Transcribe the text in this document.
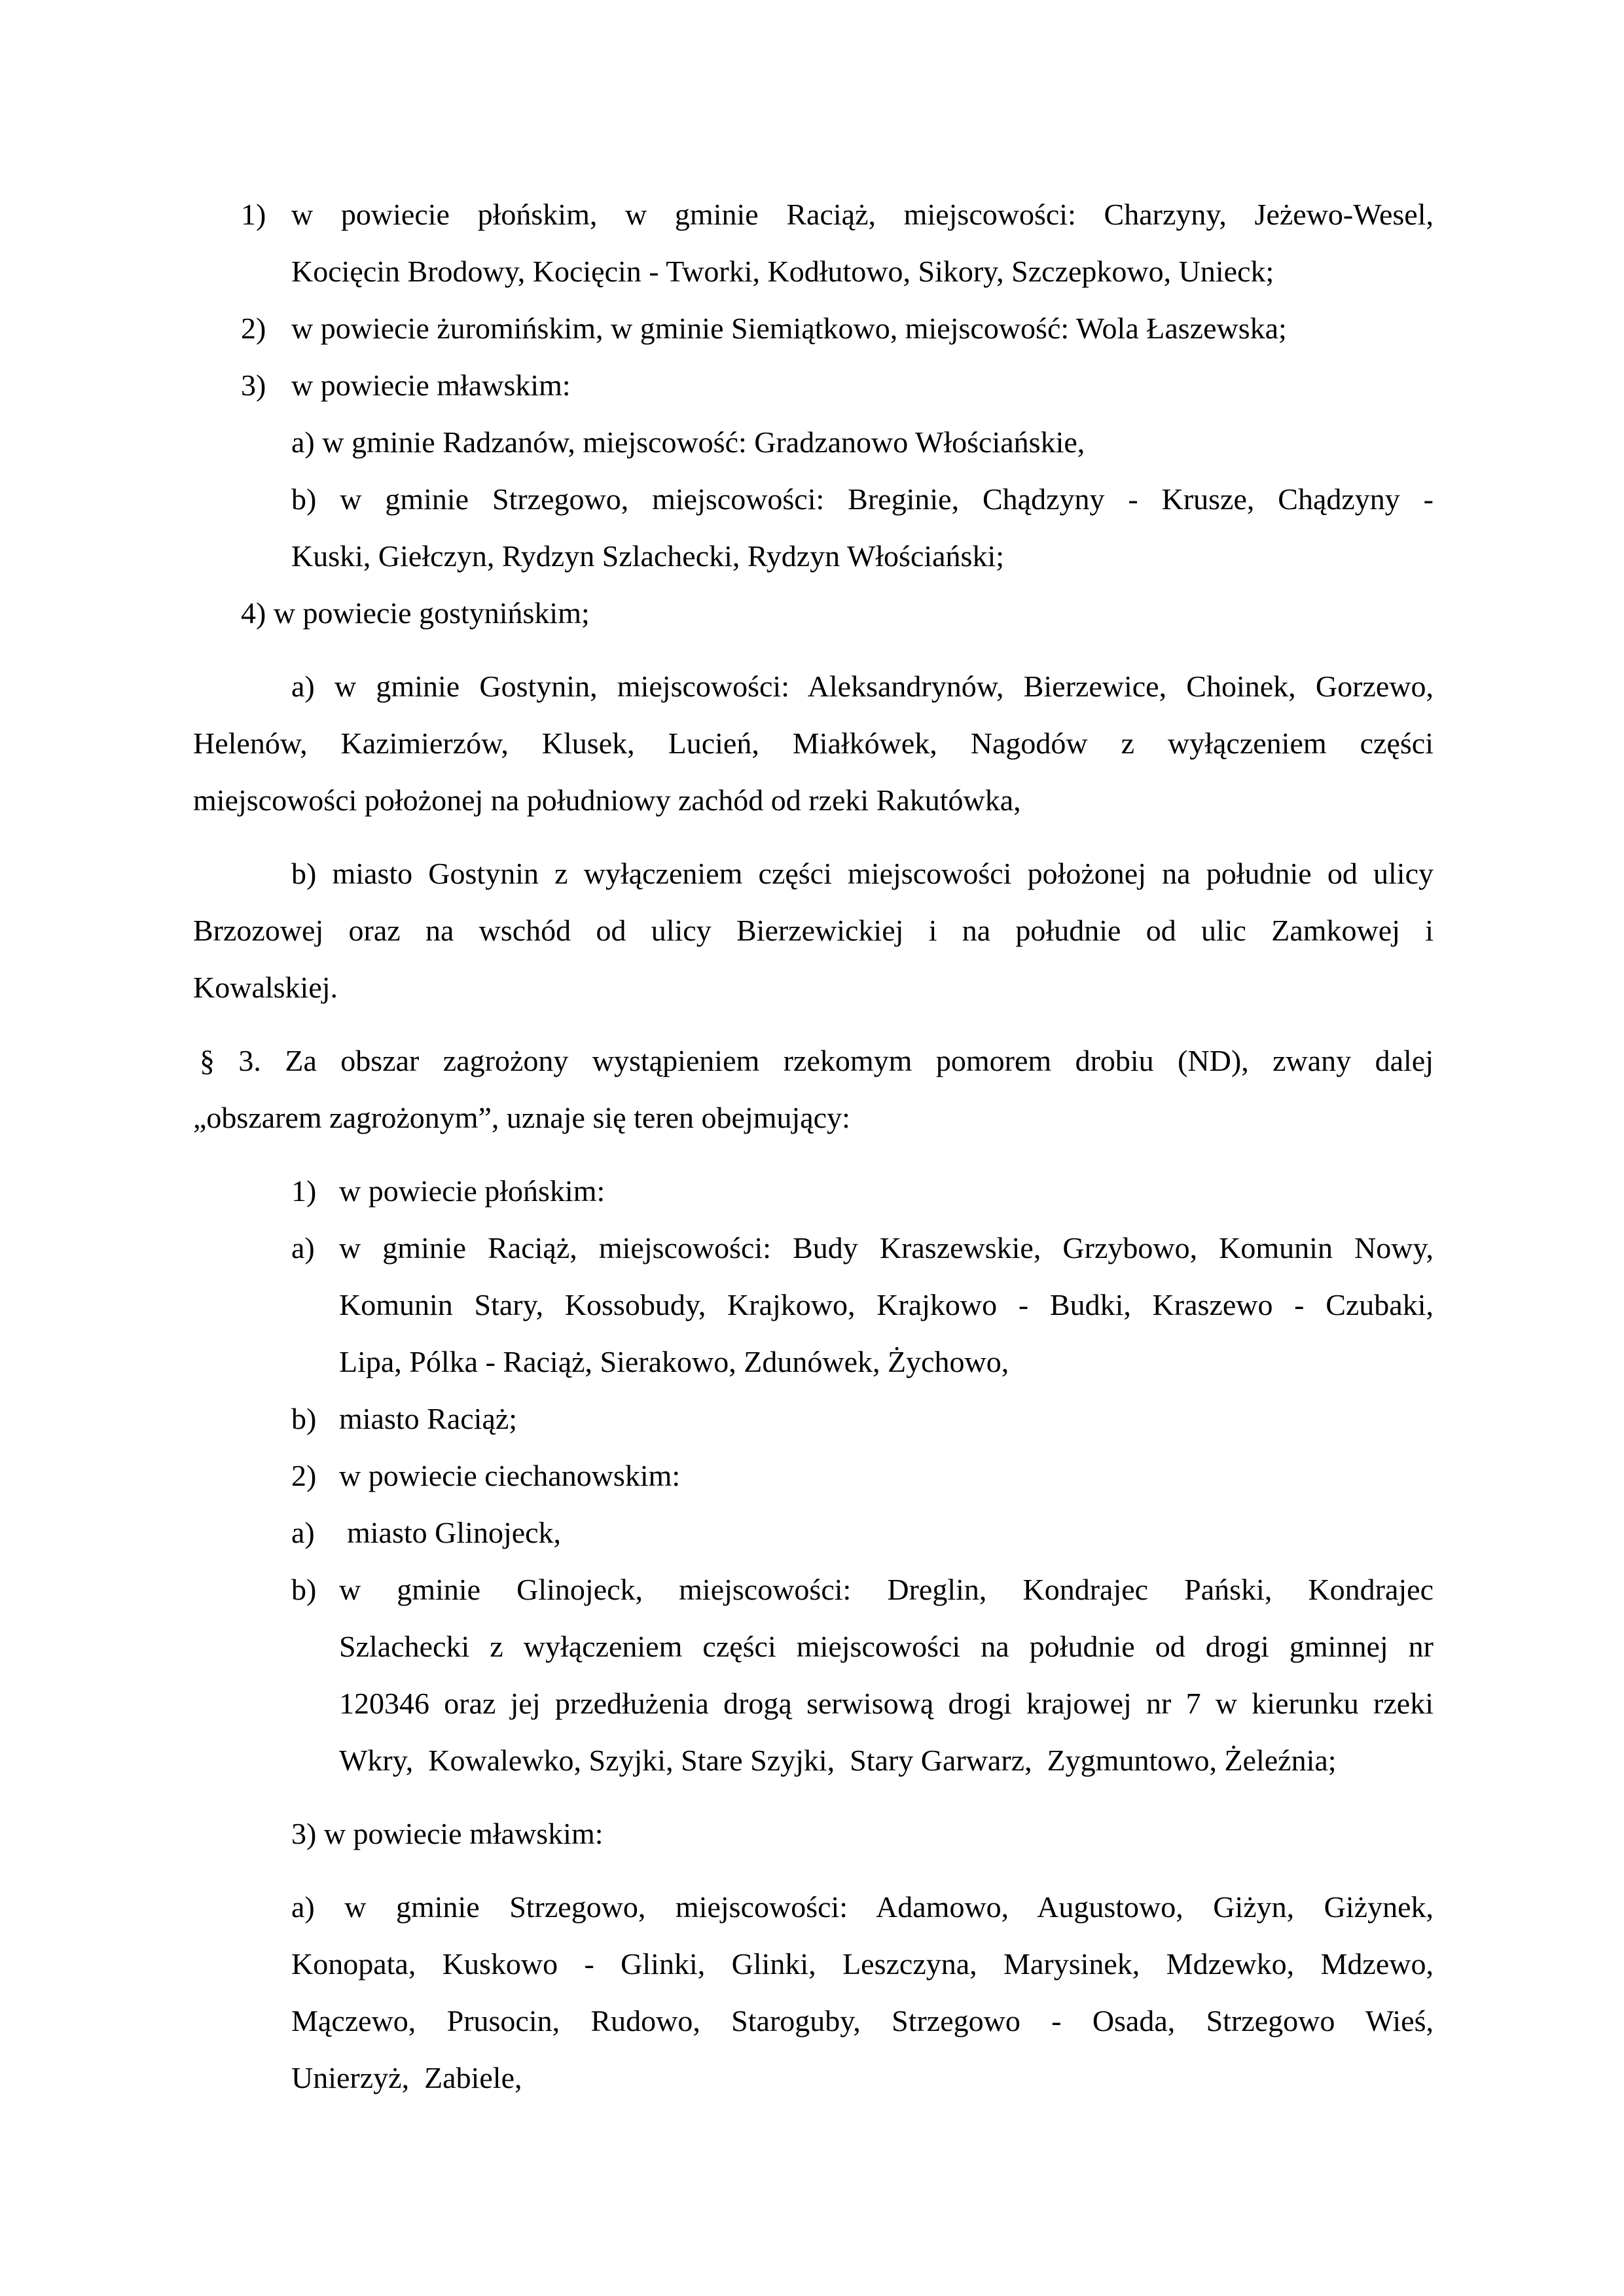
1) w powiecie płońskim, w gminie Raciąż, miejscowości: Charzyny, Jeżewo-Wesel,
Kocięcin Brodowy, Kocięcin - Tworki, Kodłutowo, Sikory, Szczepkowo, Unieck;
2) w powiecie żuromińskim, w gminie Siemiątkowo, miejscowość: Wola Łaszewska;
3) w powiecie mławskim:
a) w gminie Radzanów, miejscowość: Gradzanowo Włościańskie,
b) w gminie Strzegowo, miejscowości: Breginie, Chądzyny - Krusze, Chądzyny -
Kuski, Giełczyn, Rydzyn Szlachecki, Rydzyn Włościański;
4) w powiecie gostynińskim;
a) w gminie Gostynin, miejscowości: Aleksandrynów, Bierzewice, Choinek, Gorzewo,
Helenów, Kazimierzów, Klusek, Lucień, Miałkówek, Nagodów z wyłączeniem części
miejscowości położonej na południowy zachód od rzeki Rakutówka,
b) miasto Gostynin z wyłączeniem części miejscowości położonej na południe od ulicy
Brzozowej oraz na wschód od ulicy Bierzewickiej i na południe od ulic Zamkowej i
Kowalskiej.
§ 3. Za obszar zagrożony wystąpieniem rzekomym pomorem drobiu (ND), zwany dalej
„obszarem zagrożonym”, uznaje się teren obejmujący:
1) w powiecie płońskim:
a) w gminie Raciąż, miejscowości: Budy Kraszewskie, Grzybowo, Komunin Nowy,
Komunin Stary, Kossobudy, Krajkowo, Krajkowo - Budki, Kraszewo - Czubaki,
Lipa, Pólka - Raciąż, Sierakowo, Zdunówek, Żychowo,
b) miasto Raciąż;
2) w powiecie ciechanowskim:
a) miasto Glinojeck,
b) w gminie Glinojeck, miejscowości: Dreglin, Kondrajec Pański, Kondrajec
Szlachecki z wyłączeniem części miejscowości na południe od drogi gminnej nr
120346 oraz jej przedłużenia drogą serwisową drogi krajowej nr 7 w kierunku rzeki
Wkry,  Kowalewko, Szyjki, Stare Szyjki,  Stary Garwarz,  Zygmuntowo, Żeleźnia;
3) w powiecie mławskim:
a) w gminie Strzegowo, miejscowości: Adamowo, Augustowo, Giżyn, Giżynek,
Konopata, Kuskowo - Glinki, Glinki, Leszczyna, Marysinek, Mdzewko, Mdzewo,
Mączewo, Prusocin, Rudowo, Staroguby, Strzegowo - Osada, Strzegowo Wieś,
Unierzyż,  Zabiele,
